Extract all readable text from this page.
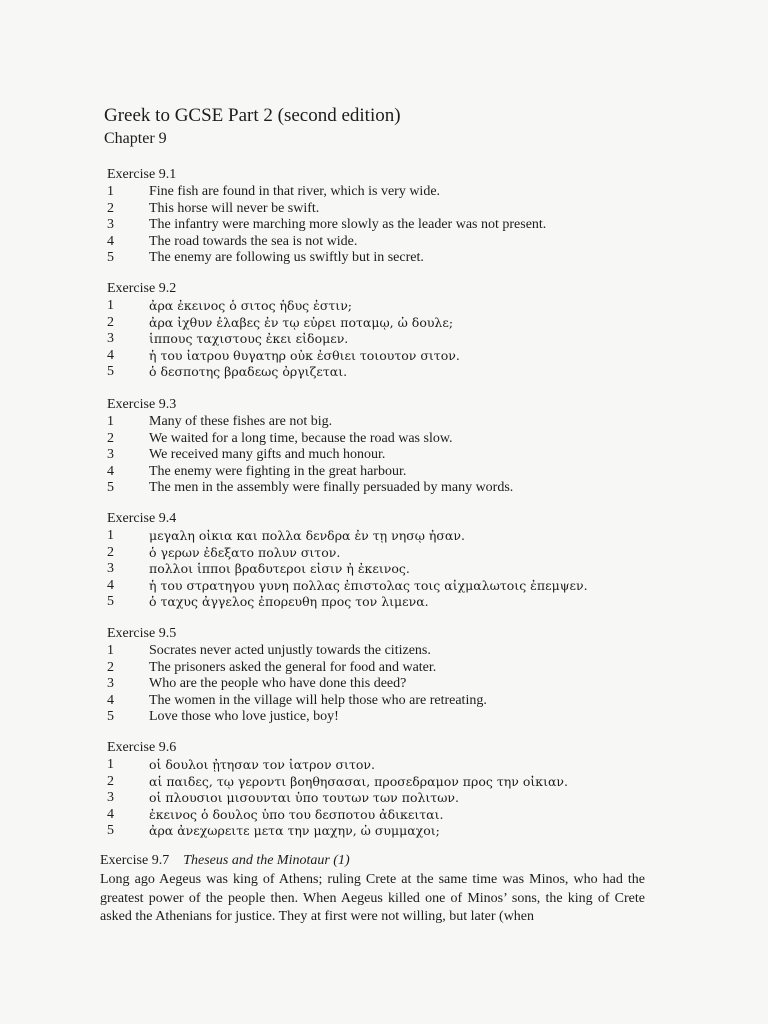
Greek to GCSE Part 2 (second edition)
Chapter 9
Exercise 9.1
1	Fine fish are found in that river, which is very wide.
2	This horse will never be swift.
3	The infantry were marching more slowly as the leader was not present.
4	The road towards the sea is not wide.
5	The enemy are following us swiftly but in secret.
Exercise 9.2
1	ἀρα ἐκεινος ὁ σιτος ἡδυς ἐστιν;
2	ἀρα ἰχθυν ἐλαβες ἐν τῳ εὐρει ποταμῳ, ὠ δουλε;
3	ἱππους ταχιστους ἐκει εἰδομεν.
4	ἡ του ἰατρου θυγατηρ οὐκ ἐσθιει τοιουτον σιτον.
5	ὁ δεσποτης βραδεως ὀργιζεται.
Exercise 9.3
1	Many of these fishes are not big.
2	We waited for a long time, because the road was slow.
3	We received many gifts and much honour.
4	The enemy were fighting in the great harbour.
5	The men in the assembly were finally persuaded by many words.
Exercise 9.4
1	μεγαλη οἰκια και πολλα δενδρα ἐν τῃ νησῳ ἠσαν.
2	ὁ γερων ἐδεξατο πολυν σιτον.
3	πολλοι ἱπποι βραδυτεροι εἰσιν ἠ ἐκεινος.
4	ἡ του στρατηγου γυνη πολλας ἐπιστολας τοις αἰχμαλωτοις ἐπεμψεν.
5	ὁ ταχυς ἀγγελος ἐπορευθη προς τον λιμενα.
Exercise 9.5
1	Socrates never acted unjustly towards the citizens.
2	The prisoners asked the general for food and water.
3	Who are the people who have done this deed?
4	The women in the village will help those who are retreating.
5	Love those who love justice, boy!
Exercise 9.6
1	οἱ δουλοι ᾐτησαν τον ἰατρον σιτον.
2	αἱ παιδες, τῳ γεροντι βοηθησασαι, προσεδραμον προς την οἰκιαν.
3	οἱ πλουσιοι μισουνται ὑπο τουτων των πολιτων.
4	ἐκεινος ὁ δουλος ὑπο του δεσποτου ἀδικειται.
5	ἀρα ἀνεχωρειτε μετα την μαχην, ὠ συμμαχοι;
Exercise 9.7 Theseus and the Minotaur (1)
Long ago Aegeus was king of Athens; ruling Crete at the same time was Minos, who had the greatest power of the people then. When Aegeus killed one of Minos’ sons, the king of Crete asked the Athenians for justice. They at first were not willing, but later (when
